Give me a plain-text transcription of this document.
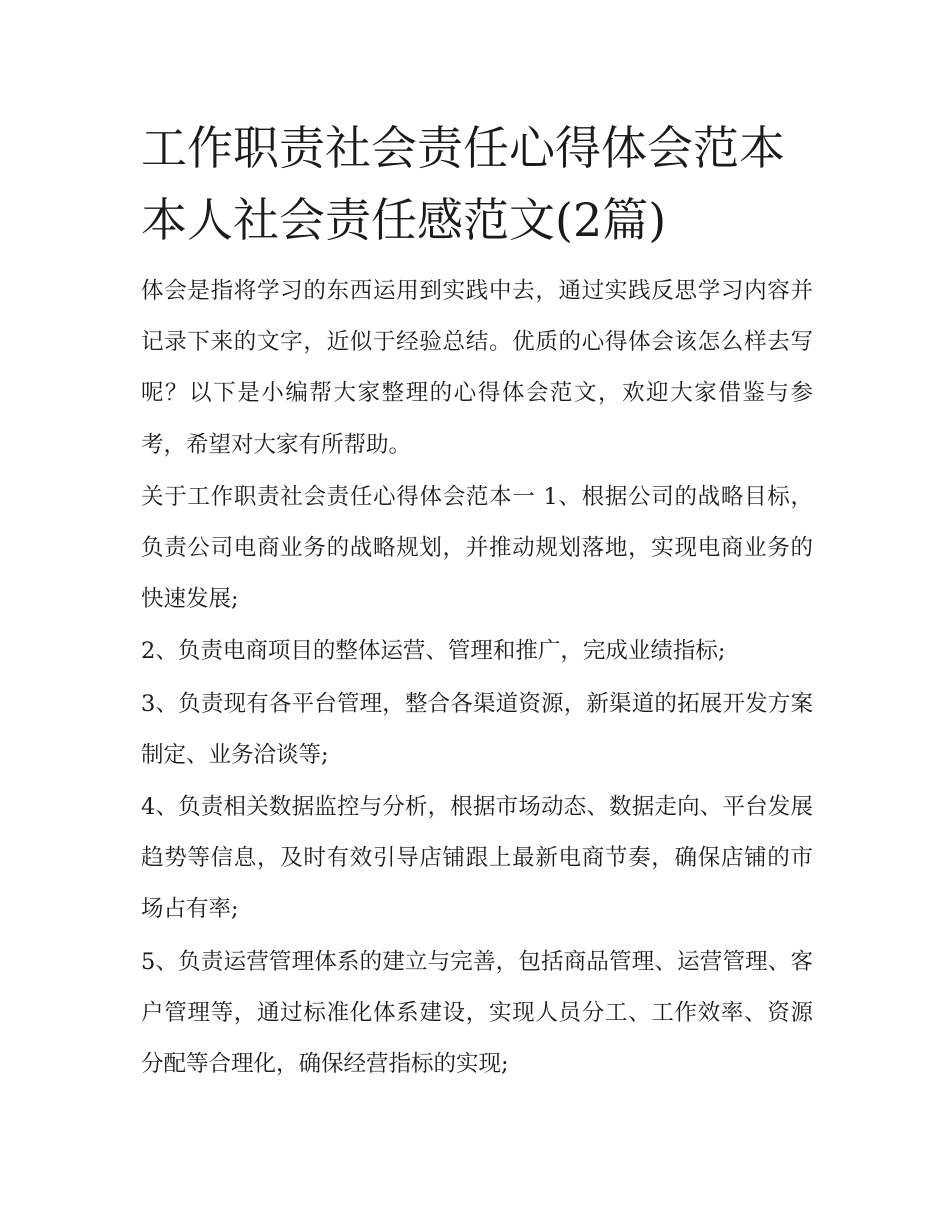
工作职责社会责任心得体会范本 本人社会责任感范文(2篇)

体会是指将学习的东西运用到实践中去，通过实践反思学习内容并记录下来的文字，近似于经验总结。优质的心得体会该怎么样去写呢？以下是小编帮大家整理的心得体会范文，欢迎大家借鉴与参考，希望对大家有所帮助。

关于工作职责社会责任心得体会范本一 1、根据公司的战略目标，负责公司电商业务的战略规划，并推动规划落地，实现电商业务的快速发展;

2、负责电商项目的整体运营、管理和推广，完成业绩指标;

3、负责现有各平台管理，整合各渠道资源，新渠道的拓展开发方案制定、业务洽谈等;

4、负责相关数据监控与分析，根据市场动态、数据走向、平台发展趋势等信息，及时有效引导店铺跟上最新电商节奏，确保店铺的市场占有率;

5、负责运营管理体系的建立与完善，包括商品管理、运营管理、客户管理等，通过标准化体系建设，实现人员分工、工作效率、资源分配等合理化，确保经营指标的实现;
